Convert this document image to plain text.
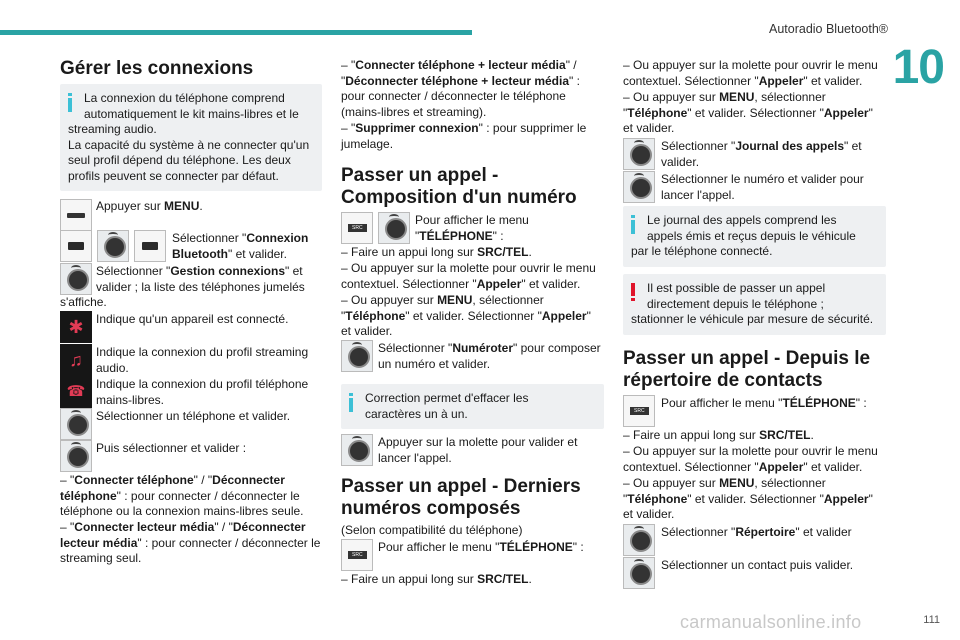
Autoradio Bluetooth®
10
Gérer les connexions
La connexion du téléphone comprend
automatiquement le kit mains-libres et le
streaming audio.
La capacité du système à ne connecter qu'un
seul profil dépend du téléphone. Les deux
profils peuvent se connecter par défaut.
Appuyer sur MENU.
Sélectionner "Connexion
Bluetooth" et valider.
Sélectionner "Gestion connexions" et
valider ; la liste des téléphones jumelés
s'affiche.
✱	Indique qu'un appareil est connecté.
♫	Indique la connexion du profil streaming
audio.
☎ Indique la connexion du profil téléphone
mains-libres.
Sélectionner un téléphone et valider.
Puis sélectionner et valider :
– "Connecter téléphone" / "Déconnecter
téléphone" : pour connecter / déconnecter le
téléphone ou la connexion mains-libres seule.
– "Connecter lecteur média" / "Déconnecter
lecteur média" : pour connecter / déconnecter le
streaming seul.
– "Connecter téléphone + lecteur média" /
"Déconnecter téléphone + lecteur média" :
pour connecter / déconnecter le téléphone
(mains-libres et streaming).
– "Supprimer connexion" : pour supprimer le
jumelage.
Passer un appel -
Composition d'un numéro
SRC
Pour afficher le menu
"TÉLÉPHONE" :
– Faire un appui long sur SRC/TEL.
– Ou appuyer sur la molette pour ouvrir le menu
contextuel. Sélectionner "Appeler" et valider.
– Ou appuyer sur MENU, sélectionner
"Téléphone" et valider. Sélectionner "Appeler"
et valider.
Sélectionner "Numéroter" pour composer
un numéro et valider.
Correction permet d'effacer les
caractères un à un.
Appuyer sur la molette pour valider et
lancer l'appel.
Passer un appel - Derniers
numéros composés
(Selon compatibilité du téléphone)
SRC
Pour afficher le menu "TÉLÉPHONE" :
– Faire un appui long sur SRC/TEL.
– Ou appuyer sur la molette pour ouvrir le menu
contextuel. Sélectionner "Appeler" et valider.
– Ou appuyer sur MENU, sélectionner
"Téléphone" et valider. Sélectionner "Appeler"
et valider.
Sélectionner "Journal des appels" et
valider.
Sélectionner le numéro et valider pour
lancer l'appel.
Le journal des appels comprend les
appels émis et reçus depuis le véhicule
par le téléphone connecté.
Il est possible de passer un appel
directement depuis le téléphone ;
stationner le véhicule par mesure de sécurité.
Passer un appel - Depuis le
répertoire de contacts
SRC
Pour afficher le menu "TÉLÉPHONE" :
– Faire un appui long sur SRC/TEL.
– Ou appuyer sur la molette pour ouvrir le menu
contextuel. Sélectionner "Appeler" et valider.
– Ou appuyer sur MENU, sélectionner
"Téléphone" et valider. Sélectionner "Appeler"
et valider.
Sélectionner "Répertoire" et valider
Sélectionner un contact puis valider.
carmanualsonline.info	111
